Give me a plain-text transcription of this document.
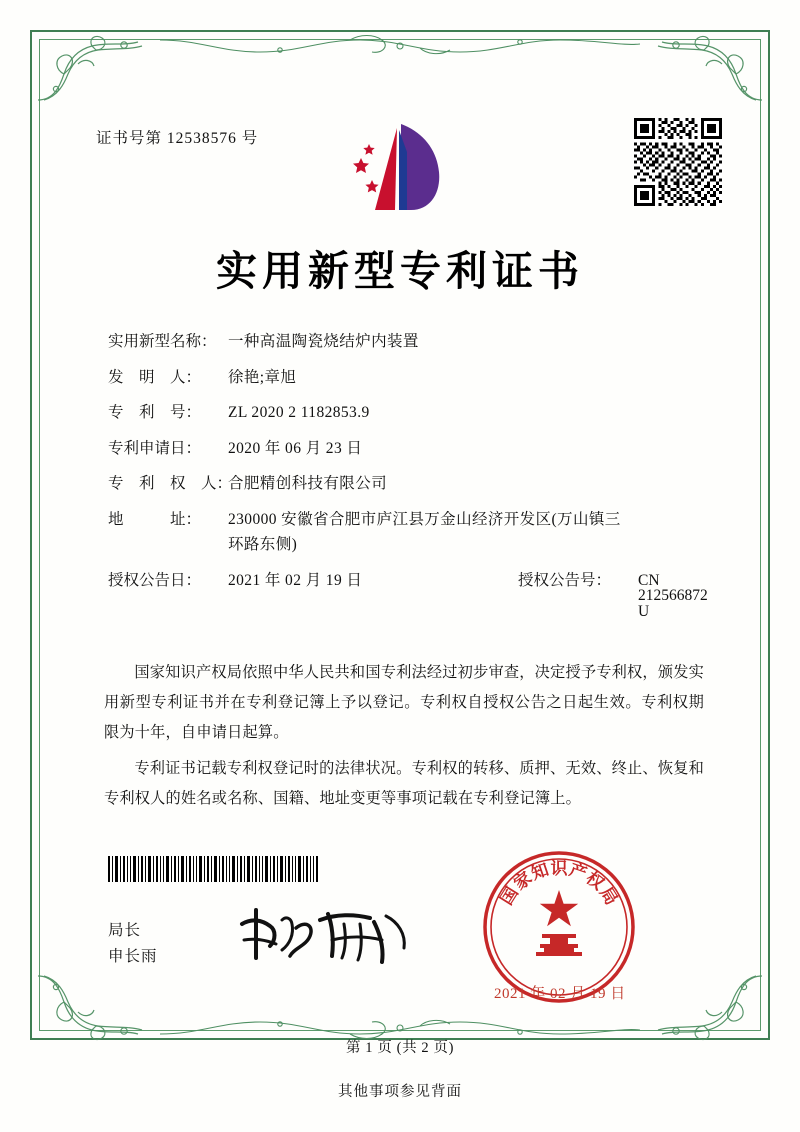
证书号第 12538576 号
实用新型专利证书
实用新型名称： 一种高温陶瓷烧结炉内装置
发　明　人：	徐艳;章旭
专　利　号：	ZL 2020 2 1182853.9
专利申请日：	2020 年 06 月 23 日
专　利　权　人：
合肥精创科技有限公司
地　　　址：	230000 安徽省合肥市庐江县万金山经济开发区(万山镇三
环路东侧)
授权公告日：	2021 年 02 月 19 日	授权公告号：	CN 212566872 U

国家知识产权局依照中华人民共和国专利法经过初步审查，决定授予专利权，颁发实用新型专利证书并在专利登记簿上予以登记。专利权自授权公告之日起生效。专利权期限为十年，自申请日起算。

专利证书记载专利权登记时的法律状况。专利权的转移、质押、无效、终止、恢复和专利权人的姓名或名称、国籍、地址变更等事项记载在专利登记簿上。

局长
申长雨
国
家
知 识 产
权
局
2021 年 02 月 19 日
第 1 页 (共 2 页)
其他事项参见背面
